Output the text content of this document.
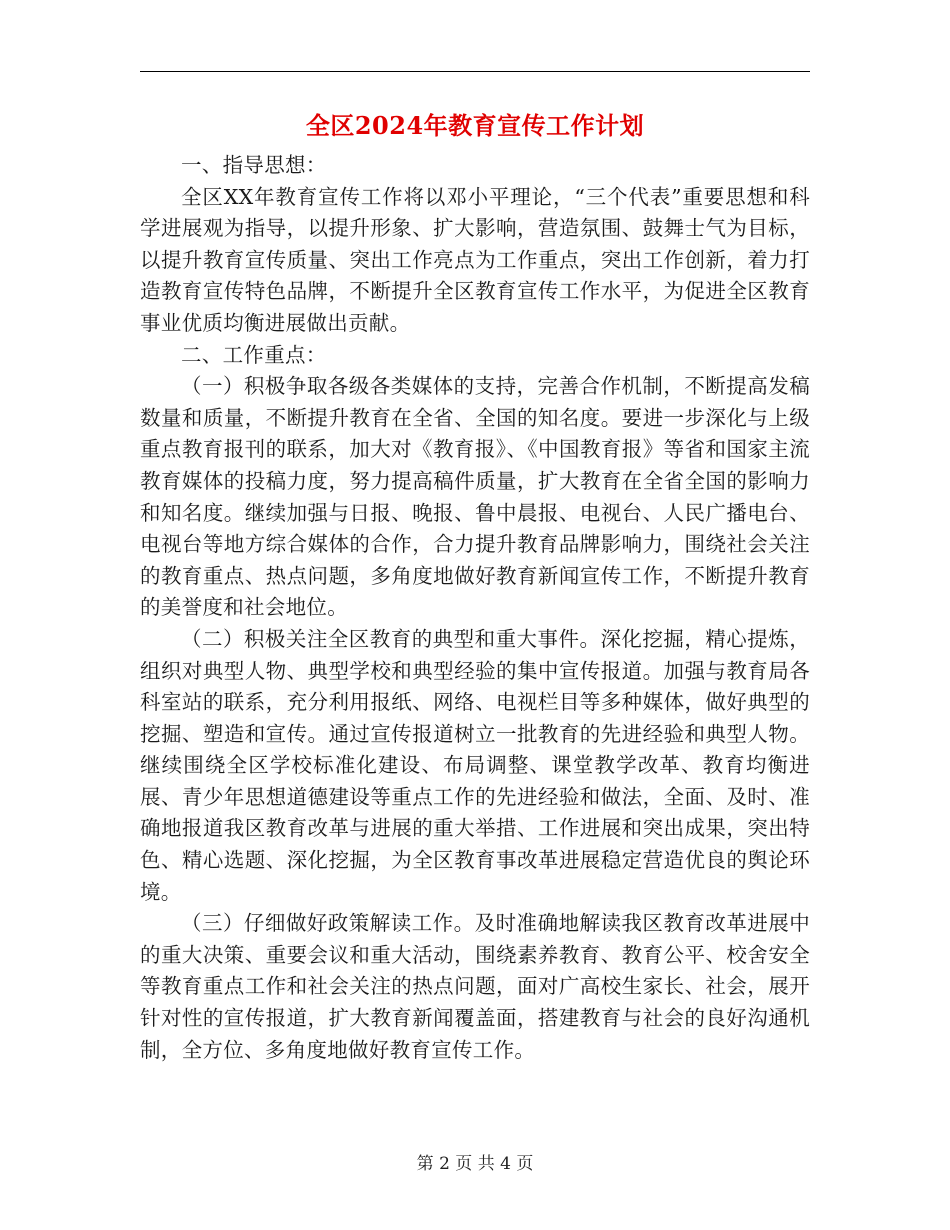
全区2024年教育宣传工作计划

一、指导思想：

全区XX年教育宣传工作将以邓小平理论，“三个代表”重要思想和科学进展观为指导，以提升形象、扩大影响，营造氛围、鼓舞士气为目标，以提升教育宣传质量、突出工作亮点为工作重点，突出工作创新，着力打造教育宣传特色品牌，不断提升全区教育宣传工作水平，为促进全区教育事业优质均衡进展做出贡献。

二、工作重点：

（一）积极争取各级各类媒体的支持，完善合作机制，不断提高发稿数量和质量，不断提升教育在全省、全国的知名度。要进一步深化与上级重点教育报刊的联系，加大对《教育报》、《中国教育报》等省和国家主流教育媒体的投稿力度，努力提高稿件质量，扩大教育在全省全国的影响力和知名度。继续加强与日报、晚报、鲁中晨报、电视台、人民广播电台、电视台等地方综合媒体的合作，合力提升教育品牌影响力，围绕社会关注的教育重点、热点问题，多角度地做好教育新闻宣传工作，不断提升教育的美誉度和社会地位。

（二）积极关注全区教育的典型和重大事件。深化挖掘，精心提炼，组织对典型人物、典型学校和典型经验的集中宣传报道。加强与教育局各科室站的联系，充分利用报纸、网络、电视栏目等多种媒体，做好典型的挖掘、塑造和宣传。通过宣传报道树立一批教育的先进经验和典型人物。继续围绕全区学校标准化建设、布局调整、课堂教学改革、教育均衡进展、青少年思想道德建设等重点工作的先进经验和做法，全面、及时、准确地报道我区教育改革与进展的重大举措、工作进展和突出成果，突出特色、精心选题、深化挖掘，为全区教育事改革进展稳定营造优良的舆论环境。

（三）仔细做好政策解读工作。及时准确地解读我区教育改革进展中的重大决策、重要会议和重大活动，围绕素养教育、教育公平、校舍安全等教育重点工作和社会关注的热点问题，面对广高校生家长、社会，展开针对性的宣传报道，扩大教育新闻覆盖面，搭建教育与社会的良好沟通机制，全方位、多角度地做好教育宣传工作。

第 2 页 共 4 页
